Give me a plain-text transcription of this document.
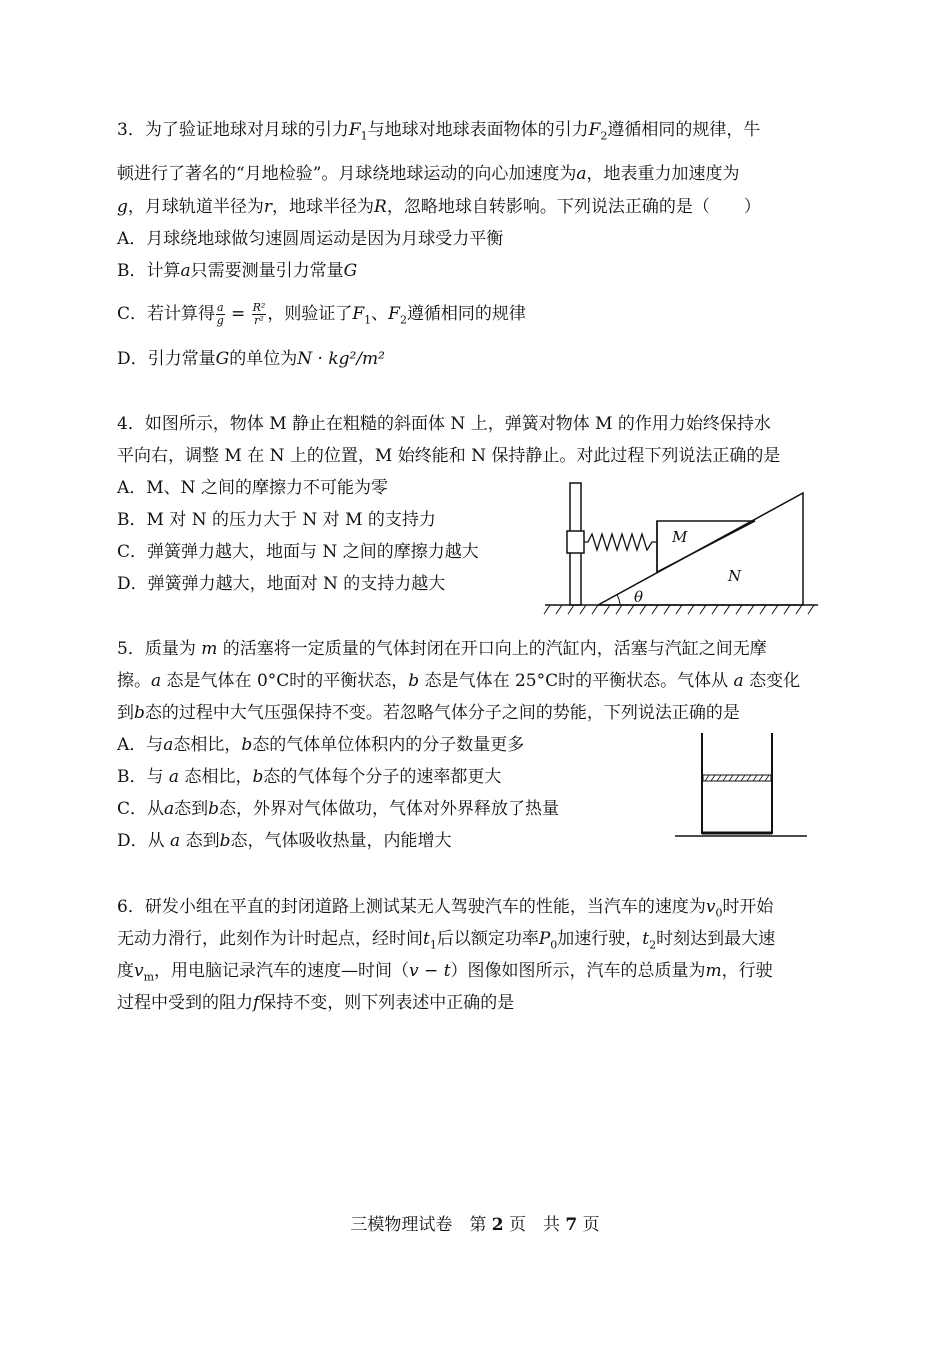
3．为了验证地球对月球的引力$F_1$与地球对地球表面物体的引力$F_2$遵循相同的规律，牛
顿进行了著名的“月地检验”。月球绕地球运动的向心加速度为a，地表重力加速度为
g，月球轨道半径为r，地球半径为R，忽略地球自转影响。下列说法正确的是（　　）
A．月球绕地球做匀速圆周运动是因为月球受力平衡
B．计算a只需要测量引力常量G
C．若计算得 $\frac{a}{g} = \frac{\text{R²}}{\text{r²}}$ ，则验证了$F_1$、$F_2$遵循相同的规律
D．引力常量G的单位为N · kg²/m²
4．如图所示，物体 M 静止在粗糙的斜面体 N 上，弹簧对物体 M 的作用力始终保持水
平向右，调整 M 在 N 上的位置，M 始终能和 N 保持静止。对此过程下列说法正确的是
A．M、N 之间的摩擦力不可能为零
B．M 对 N 的压力大于 N 对 M 的支持力
C．弹簧弹力越大，地面与 N 之间的摩擦力越大
D．弹簧弹力越大，地面对 N 的支持力越大
M
N
θ
5．质量为 m 的活塞将一定质量的气体封闭在开口向上的汽缸内，活塞与汽缸之间无摩
擦。a 态是气体在 0°C时的平衡状态，b 态是气体在 25°C时的平衡状态。气体从 a 态变化
到b态的过程中大气压强保持不变。若忽略气体分子之间的势能，下列说法正确的是
A．与a态相比，b态的气体单位体积内的分子数量更多
B．与 a 态相比，b态的气体每个分子的速率都更大
C．从a态到b态，外界对气体做功，气体对外界释放了热量
D．从 a 态到b态，气体吸收热量，内能增大
6．研发小组在平直的封闭道路上测试某无人驾驶汽车的性能，当汽车的速度为$v_0$时开始
无动力滑行，此刻作为计时起点，经时间$t_1$后以额定功率$P_0$加速行驶，$t_2$时刻达到最大速
度$v_m$，用电脑记录汽车的速度—时间（v − t）图像如图所示，汽车的总质量为m，行驶
过程中受到的阻力f保持不变，则下列表述中正确的是
三模物理试卷　第 2 页　共 7 页
